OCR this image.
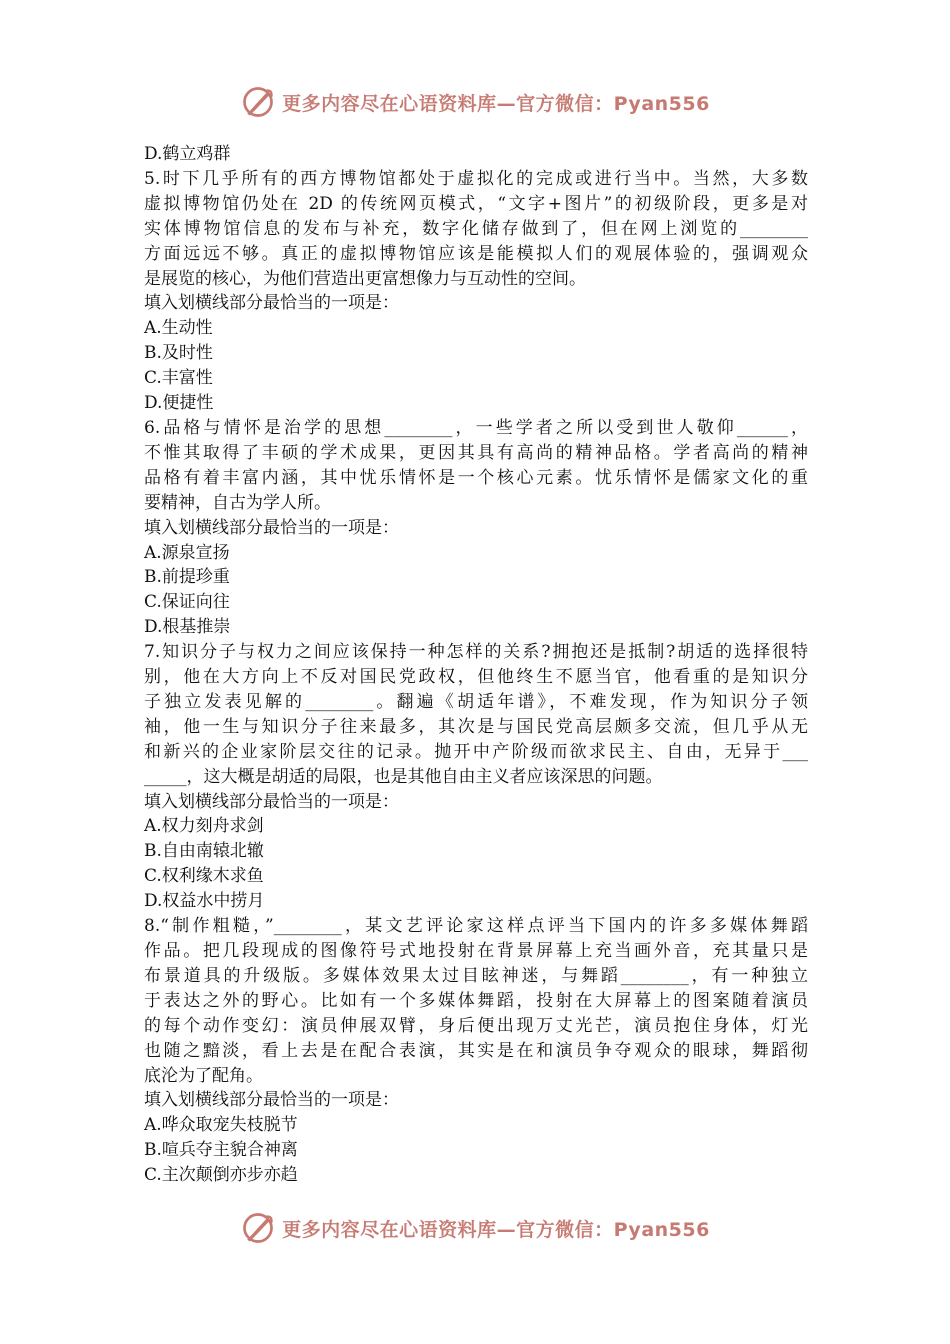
更多内容尽在心语资料库—官方微信：Pyan556
D.鹤立鸡群
5.时下几乎所有的西方博物馆都处于虚拟化的完成或进行当中。当然，大多数
虚拟博物馆仍处在 2D 的传统网页模式，“文字+图片”的初级阶段，更多是对
实体博物馆信息的发布与补充，数字化储存做到了，但在网上浏览的________
方面远远不够。真正的虚拟博物馆应该是能模拟人们的观展体验的，强调观众
是展览的核心，为他们营造出更富想像力与互动性的空间。
填入划横线部分最恰当的一项是：
A.生动性
B.及时性
C.丰富性
D.便捷性
6.品格与情怀是治学的思想________，一些学者之所以受到世人敬仰______，
不惟其取得了丰硕的学术成果，更因其具有高尚的精神品格。学者高尚的精神
品格有着丰富内涵，其中忧乐情怀是一个核心元素。忧乐情怀是儒家文化的重
要精神，自古为学人所。
填入划横线部分最恰当的一项是：
A.源泉宣扬
B.前提珍重
C.保证向往
D.根基推崇
7.知识分子与权力之间应该保持一种怎样的关系?拥抱还是抵制?胡适的选择很特
别，他在大方向上不反对国民党政权，但他终生不愿当官，他看重的是知识分
子独立发表见解的________。翻遍《胡适年谱》，不难发现，作为知识分子领
袖，他一生与知识分子往来最多，其次是与国民党高层颇多交流，但几乎从无
和新兴的企业家阶层交往的记录。抛开中产阶级而欲求民主、自由，无异于___
_____，这大概是胡适的局限，也是其他自由主义者应该深思的问题。
填入划横线部分最恰当的一项是：
A.权力刻舟求剑
B.自由南辕北辙
C.权利缘木求鱼
D.权益水中捞月
8.“制作粗糙，”________，某文艺评论家这样点评当下国内的许多多媒体舞蹈
作品。把几段现成的图像符号式地投射在背景屏幕上充当画外音，充其量只是
布景道具的升级版。多媒体效果太过目眩神迷，与舞蹈________，有一种独立
于表达之外的野心。比如有一个多媒体舞蹈，投射在大屏幕上的图案随着演员
的每个动作变幻：演员伸展双臂，身后便出现万丈光芒，演员抱住身体，灯光
也随之黯淡，看上去是在配合表演，其实是在和演员争夺观众的眼球，舞蹈彻
底沦为了配角。
填入划横线部分最恰当的一项是：
A.哗众取宠失枝脱节
B.喧兵夺主貌合神离
C.主次颠倒亦步亦趋
更多内容尽在心语资料库—官方微信：Pyan556
